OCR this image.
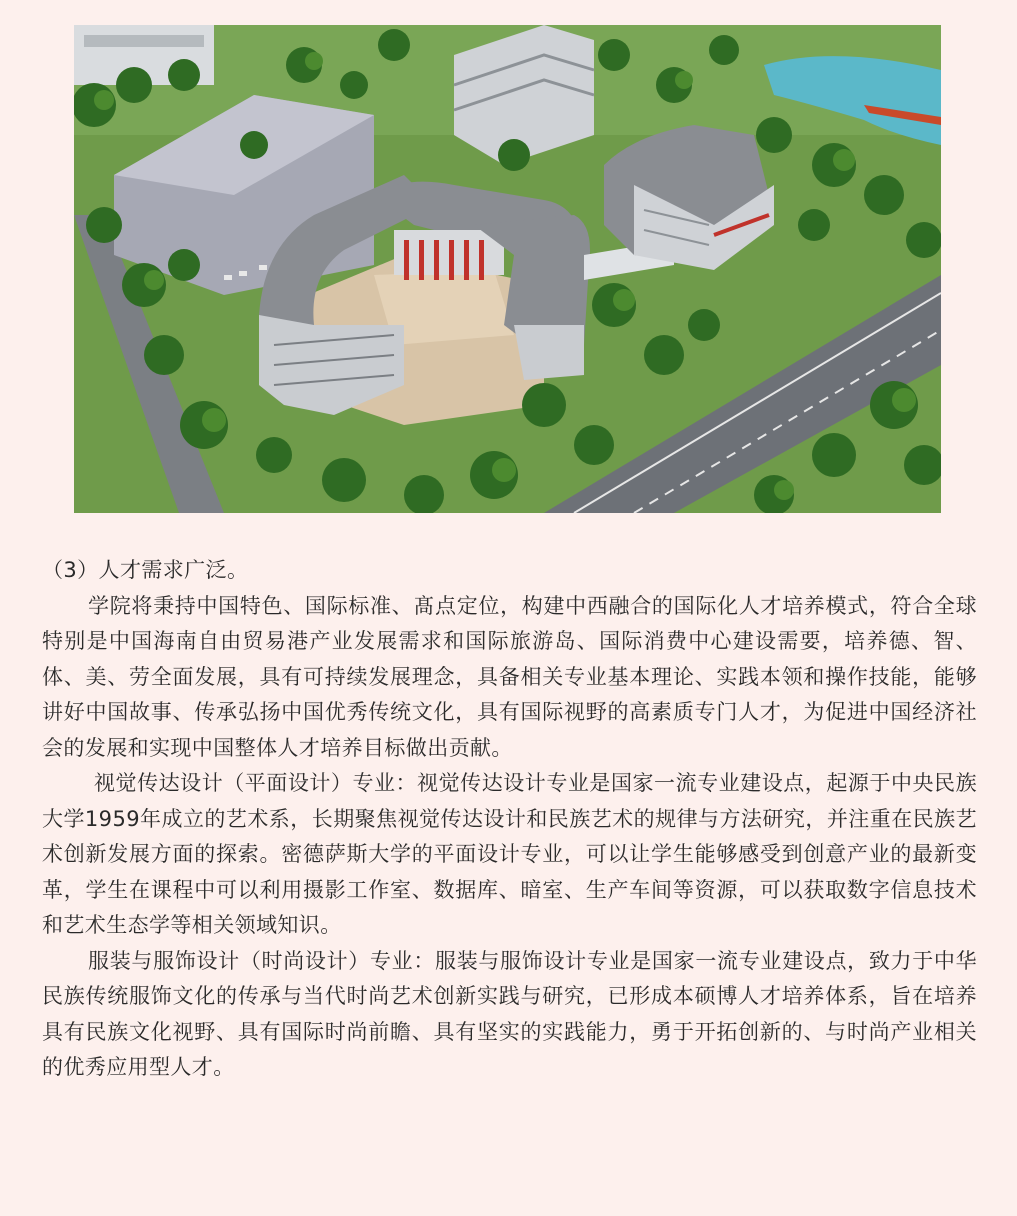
（3）人才需求广泛。

学院将秉持中国特色、国际标准、髙点定位，构建中西融合的国际化人才培养模式，符合全球特别是中国海南自由贸易港产业发展需求和国际旅游岛、国际消费中心建设需要，培养德、智、体、美、劳全面发展，具有可持续发展理念，具备相关专业基本理论、实践本领和操作技能，能够讲好中国故事、传承弘扬中国优秀传统文化，具有国际视野的高素质专门人才，为促进中国经济社会的发展和实现中国整体人才培养目标做出贡献。

视觉传达设计（平面设计）专业：视觉传达设计专业是国家一流专业建设点，起源于中央民族大学1959年成立的艺术系，长期聚焦视觉传达设计和民族艺术的规律与方法研究，并注重在民族艺术创新发展方面的探索。密德萨斯大学的平面设计专业，可以让学生能够感受到创意产业的最新变革，学生在课程中可以利用摄影工作室、数据库、暗室、生产车间等资源，可以获取数字信息技术和艺术生态学等相关领域知识。

服装与服饰设计（时尚设计）专业：服装与服饰设计专业是国家一流专业建设点，致力于中华民族传统服饰文化的传承与当代时尚艺术创新实践与研究，已形成本硕博人才培养体系，旨在培养具有民族文化视野、具有国际时尚前瞻、具有坚实的实践能力，勇于开拓创新的、与时尚产业相关的优秀应用型人才。
